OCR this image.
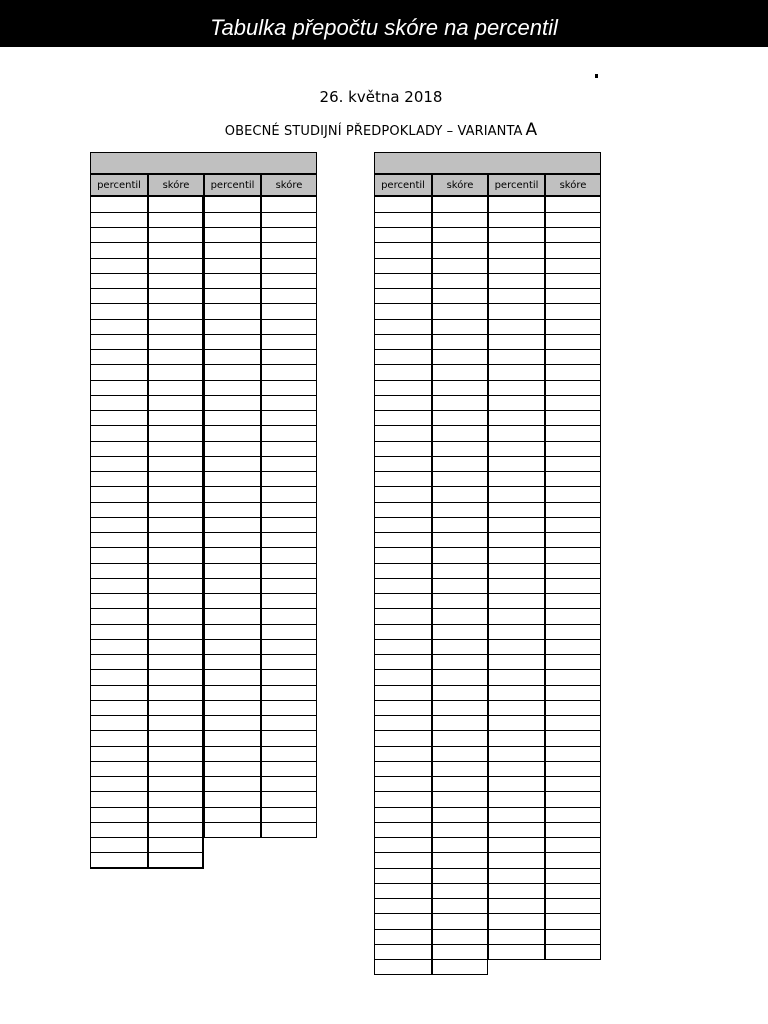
Tabulka přepočtu skóre na percentil
26. května 2018
OBECNÉ STUDIJNÍ PŘEDPOKLADY – VARIANTA A
percentil	skóre	percentil	skóre	percentil	skóre	percentil	skóre
